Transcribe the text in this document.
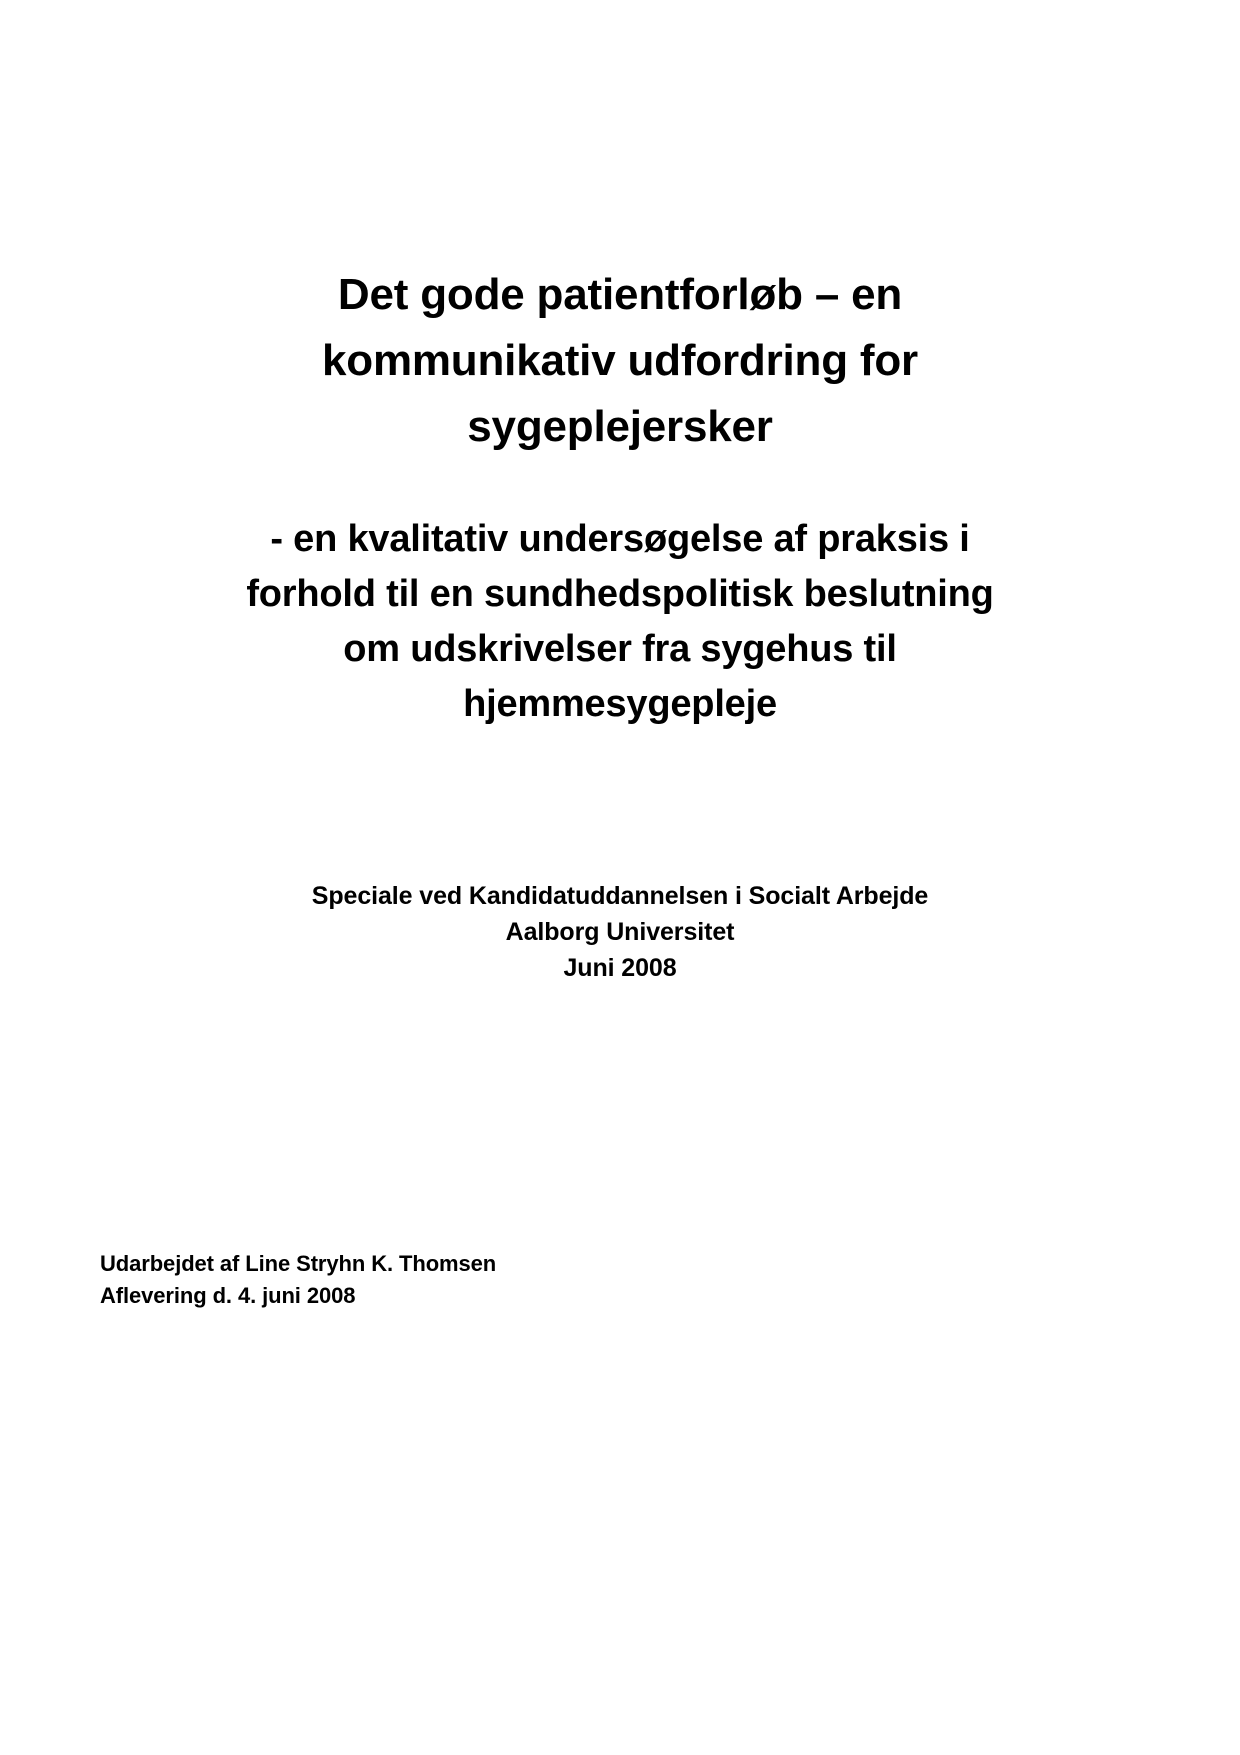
Det gode patientforløb – en
kommunikativ udfordring for
sygeplejersker
- en kvalitativ undersøgelse af praksis i
forhold til en sundhedspolitisk beslutning
om udskrivelser fra sygehus til
hjemmesygepleje
Speciale ved Kandidatuddannelsen i Socialt Arbejde
Aalborg Universitet
Juni 2008
Udarbejdet af Line Stryhn K. Thomsen
Aflevering d. 4. juni 2008
